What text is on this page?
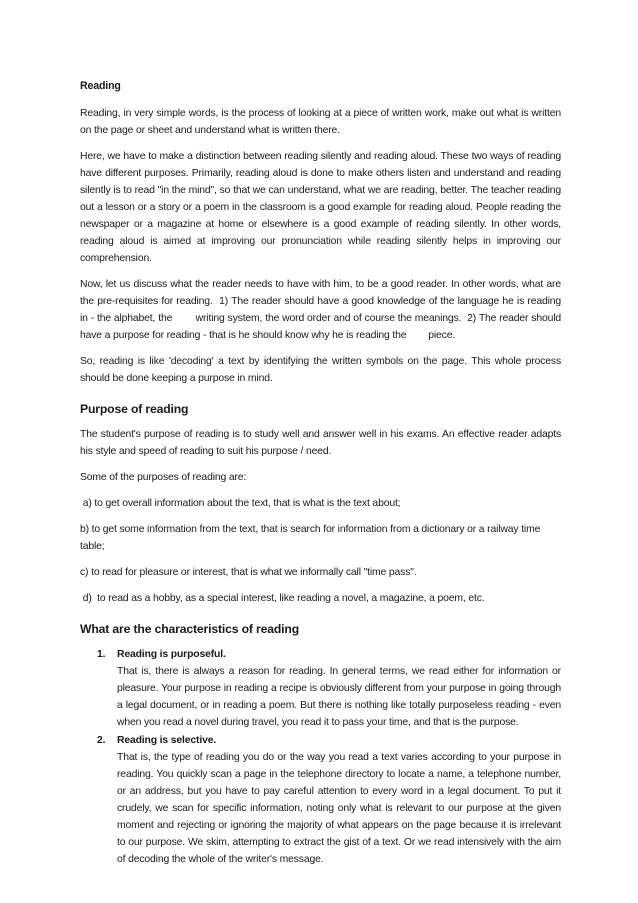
Reading

Reading, in very simple words, is the process of looking at a piece of written work, make out what is written on the page or sheet and understand what is written there.

Here, we have to make a distinction between reading silently and reading aloud. These two ways of reading have different purposes. Primarily, reading aloud is done to make others listen and understand and reading silently is to read "in the mind", so that we can understand, what we are reading, better. The teacher reading out a lesson or a story or a poem in the classroom is a good example for reading aloud. People reading the newspaper or a magazine at home or elsewhere is a good example of reading silently. In other words, reading aloud is aimed at improving our pronunciation while reading silently helps in improving our comprehension.

Now, let us discuss what the reader needs to have with him, to be a good reader. In other words, what are the pre-requisites for reading.  1) The reader should have a good knowledge of the language he is reading in - the alphabet, the        writing system, the word order and of course the meanings.  2) The reader should have a purpose for reading - that is he should know why he is reading the        piece.

So, reading is like 'decoding' a text by identifying the written symbols on the page. This whole process should be done keeping a purpose in mind.

Purpose of reading

The student's purpose of reading is to study well and answer well in his exams. An effective reader adapts his style and speed of reading to suit his purpose / need.

Some of the purposes of reading are:

a) to get overall information about the text, that is what is the text about;

b) to get some information from the text, that is search for information from a dictionary or a railway time table;

c) to read for pleasure or interest, that is what we informally call "time pass".

d)  to read as a hobby, as a special interest, like reading a novel, a magazine, a poem, etc.

What are the characteristics of reading
1. Reading is purposeful.
That is, there is always a reason for reading. In general terms, we read either for information or pleasure. Your purpose in reading a recipe is obviously different from your purpose in going through a legal document, or in reading a poem. But there is nothing like totally purposeless reading - even when you read a novel during travel, you read it to pass your time, and that is the purpose.
2. Reading is selective.
That is, the type of reading you do or the way you read a text varies according to your purpose in reading. You quickly scan a page in the telephone directory to locate a name, a telephone number, or an address, but you have to pay careful attention to every word in a legal document. To put it crudely, we scan for specific information, noting only what is relevant to our purpose at the given moment and rejecting or ignoring the majority of what appears on the page because it is irrelevant to our purpose. We skim, attempting to extract the gist of a text. Or we read intensively with the aim of decoding the whole of the writer's message.
